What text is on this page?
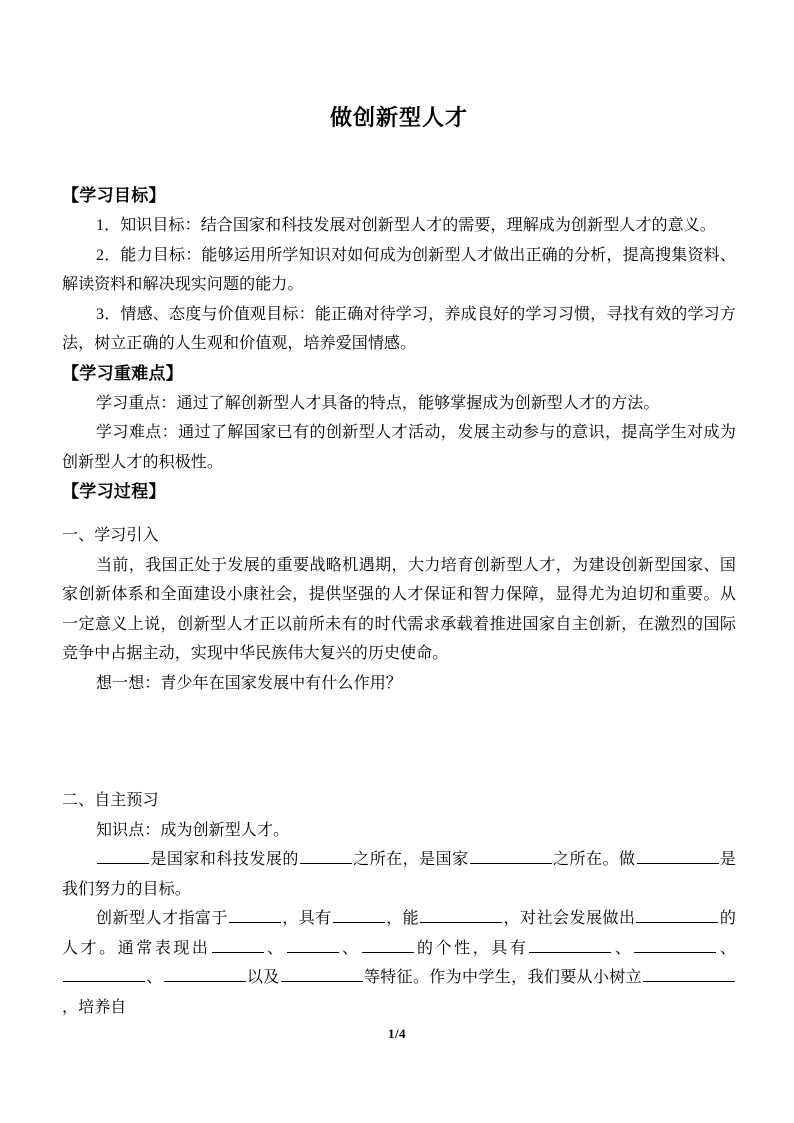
做创新型人才
【学习目标】

1．知识目标：结合国家和科技发展对创新型人才的需要，理解成为创新型人才的意义。

2．能力目标：能够运用所学知识对如何成为创新型人才做出正确的分析，提高搜集资料、解读资料和解决现实问题的能力。

3．情感、态度与价值观目标：能正确对待学习，养成良好的学习习惯，寻找有效的学习方法，树立正确的人生观和价值观，培养爱国情感。

【学习重难点】

学习重点：通过了解创新型人才具备的特点，能够掌握成为创新型人才的方法。

学习难点：通过了解国家已有的创新型人才活动，发展主动参与的意识，提高学生对成为创新型人才的积极性。

【学习过程】

一、学习引入

当前，我国正处于发展的重要战略机遇期，大力培育创新型人才，为建设创新型国家、国家创新体系和全面建设小康社会，提供坚强的人才保证和智力保障，显得尤为迫切和重要。从一定意义上说，创新型人才正以前所未有的时代需求承载着推进国家自主创新，在激烈的国际竞争中占据主动，实现中华民族伟大复兴的历史使命。

想一想：青少年在国家发展中有什么作用？

二、自主预习

知识点：成为创新型人才。

是国家和科技发展的	之所在，是国家	之所在。做	是我们努力的目标。

创新型人才指富于	，具有	，能	，对社会发展做出	的人才。通常表现出	、	、	的个性，具有	、	、、	以及	等特征。作为中学生，我们要从小树立，培养自

1/4
